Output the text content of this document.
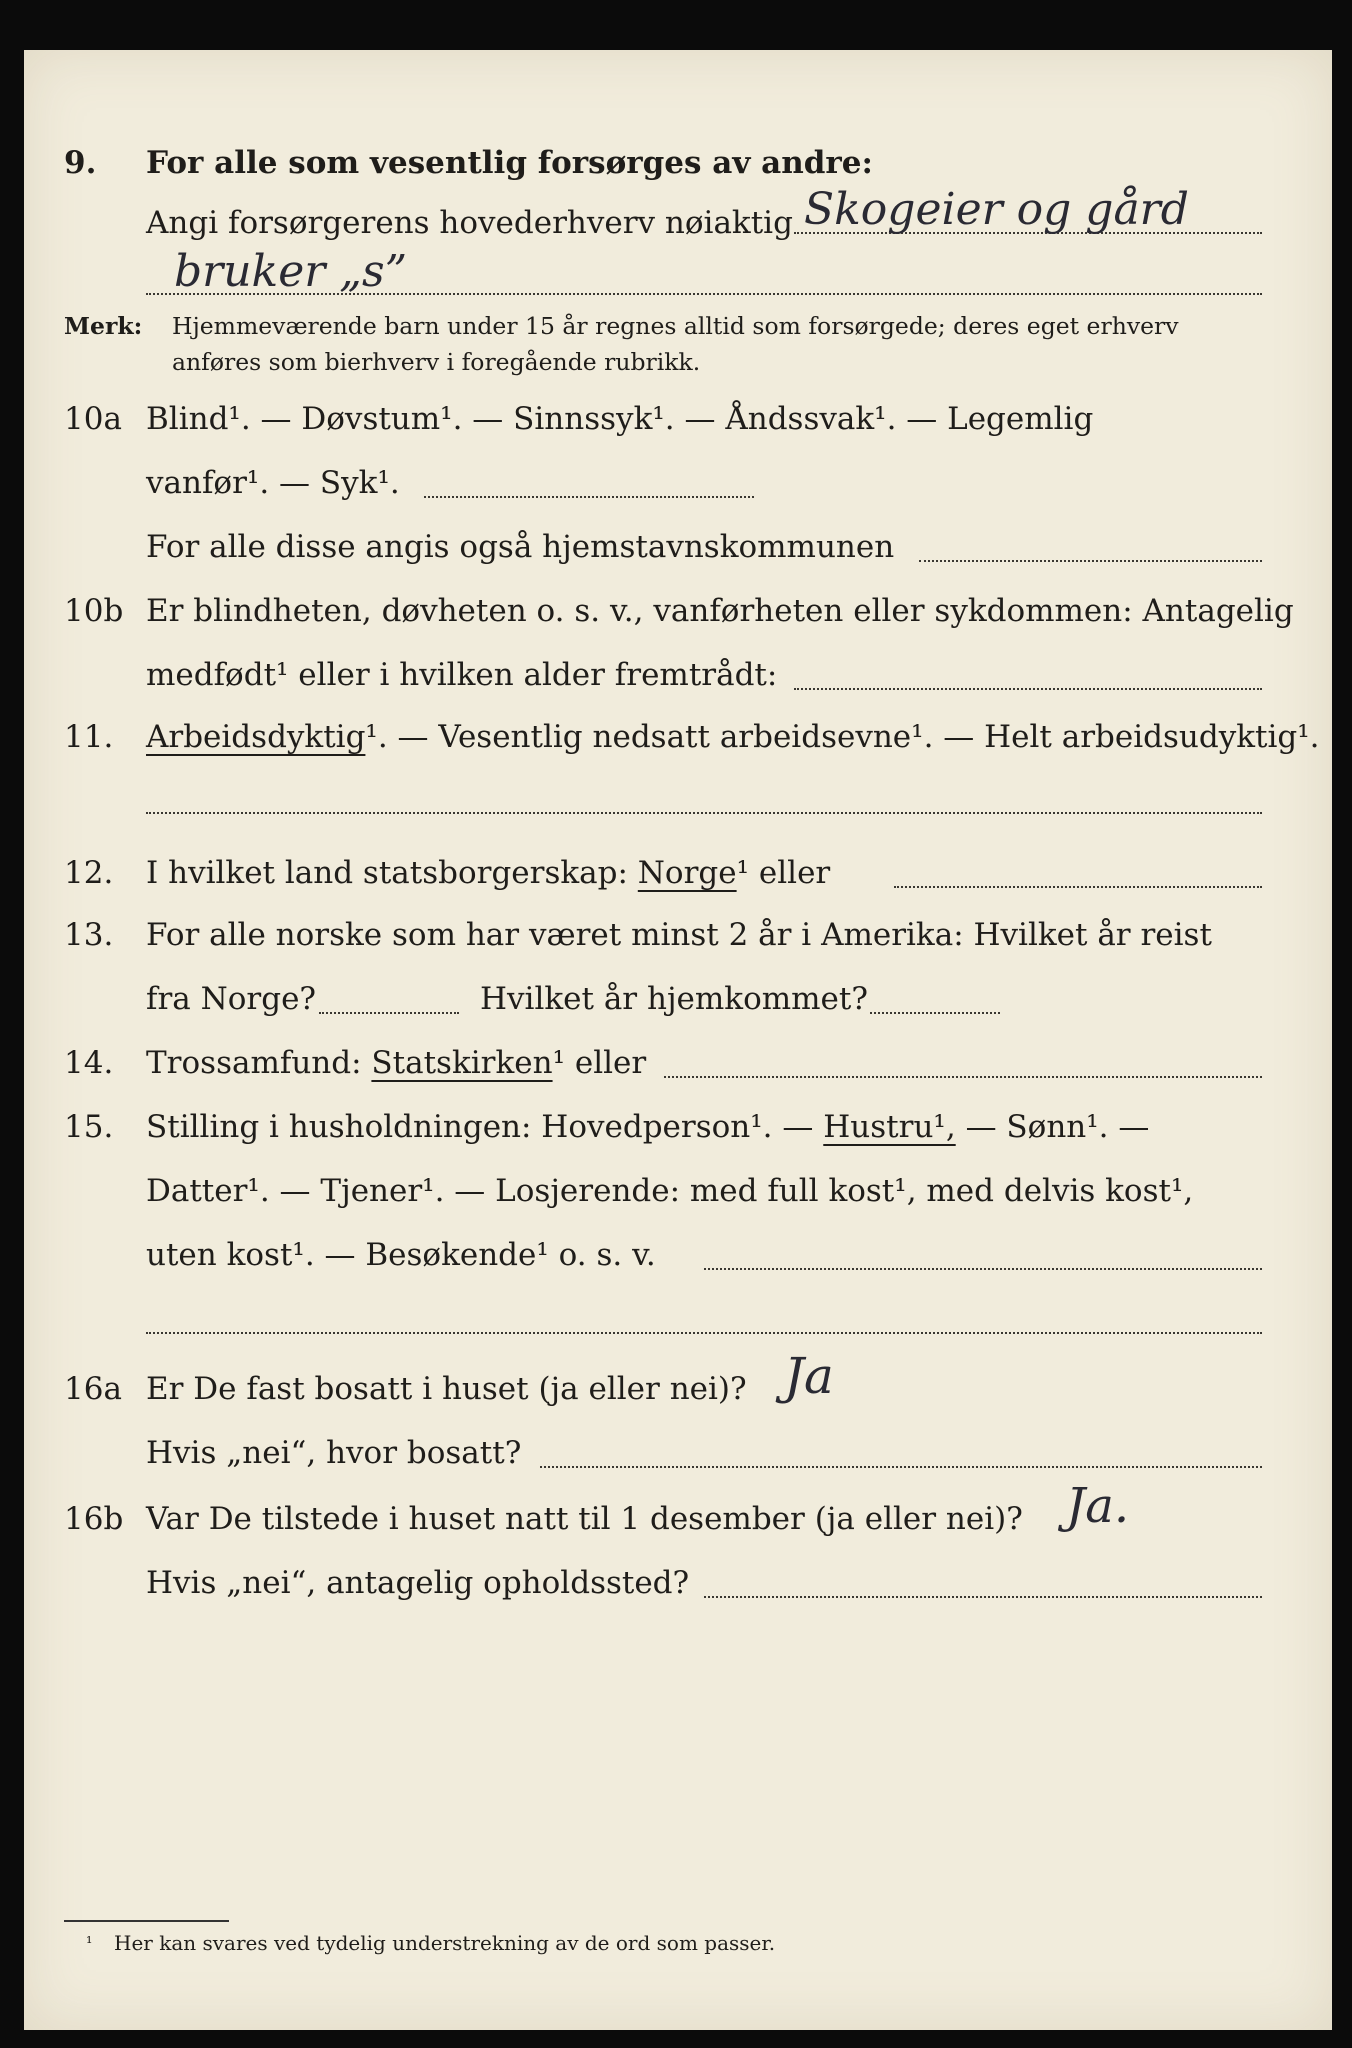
9. For alle som vesentlig forsørges av andre:
Angi forsørgerens hovederhverv nøiaktig Skogeier og gård
bruker „s”
Merk: Hjemmeværende barn under 15 år regnes alltid som forsørgede; deres eget erhverv
anføres som bierhverv i foregående rubrikk.
10a Blind¹. — Døvstum¹. — Sinnssyk¹. — Åndssvak¹. — Legemlig
vanfør¹. — Syk¹.
For alle disse angis også hjemstavnskommunen
10b Er blindheten, døvheten o. s. v., vanførheten eller sykdommen: Antagelig
medfødt¹ eller i hvilken alder fremtrådt:
11. Arbeidsdyktig¹. — Vesentlig nedsatt arbeidsevne¹. — Helt arbeidsudyktig¹.
12. I hvilket land statsborgerskap: Norge¹ eller
13. For alle norske som har været minst 2 år i Amerika: Hvilket år reist
fra Norge?	Hvilket år hjemkommet?
14. Trossamfund: Statskirken¹ eller
15. Stilling i husholdningen: Hovedperson¹. — Hustru¹, — Sønn¹. —
Datter¹. — Tjener¹. — Losjerende: med full kost¹, med delvis kost¹,
uten kost¹. — Besøkende¹ o. s. v.
16a Er De fast bosatt i huset (ja eller nei)? Ja
Hvis „nei“, hvor bosatt?
16b Var De tilstede i huset natt til 1 desember (ja eller nei)? Ja.
Hvis „nei“, antagelig opholdssted?
¹ Her kan svares ved tydelig understrekning av de ord som passer.
